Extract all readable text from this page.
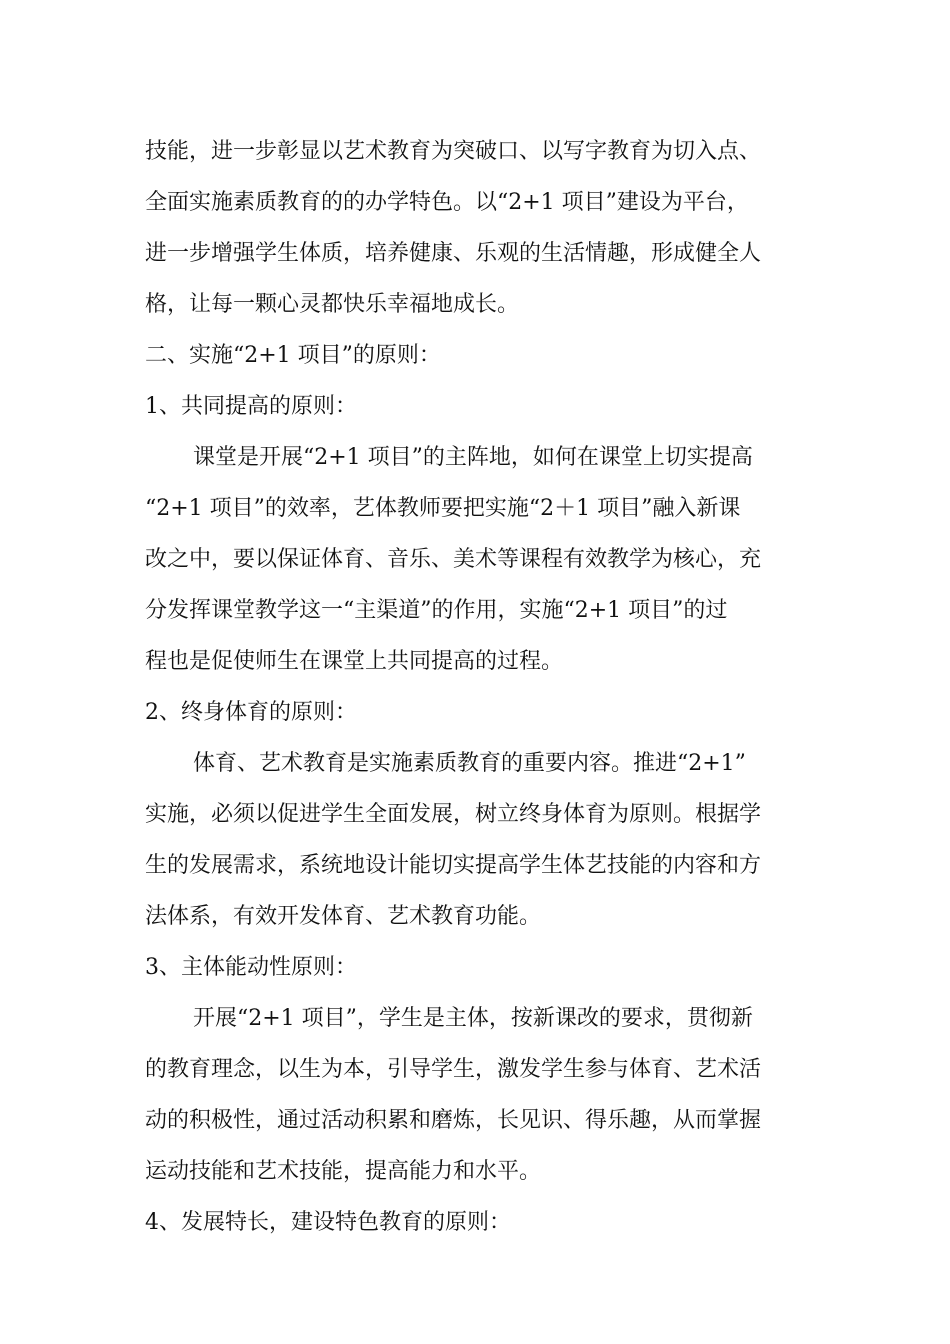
技能，进一步彰显以艺术教育为突破口、以写字教育为切入点、
全面实施素质教育的的办学特色。以“2+1 项目”建设为平台，
进一步增强学生体质，培养健康、乐观的生活情趣，形成健全人
格，让每一颗心灵都快乐幸福地成长。
二、实施“2+1 项目”的原则：
1、共同提高的原则：
课堂是开展“2+1 项目”的主阵地，如何在课堂上切实提高
“2+1 项目”的效率，艺体教师要把实施“2＋1 项目”融入新课
改之中，要以保证体育、音乐、美术等课程有效教学为核心，充
分发挥课堂教学这一“主渠道”的作用，实施“2+1 项目”的过
程也是促使师生在课堂上共同提高的过程。
2、终身体育的原则：
体育、艺术教育是实施素质教育的重要内容。推进“2+1”
实施，必须以促进学生全面发展，树立终身体育为原则。根据学
生的发展需求，系统地设计能切实提高学生体艺技能的内容和方
法体系，有效开发体育、艺术教育功能。
3、主体能动性原则：
开展“2+1 项目”，学生是主体，按新课改的要求，贯彻新
的教育理念，以生为本，引导学生，激发学生参与体育、艺术活
动的积极性，通过活动积累和磨炼，长见识、得乐趣，从而掌握
运动技能和艺术技能，提高能力和水平。
4、发展特长，建设特色教育的原则：
